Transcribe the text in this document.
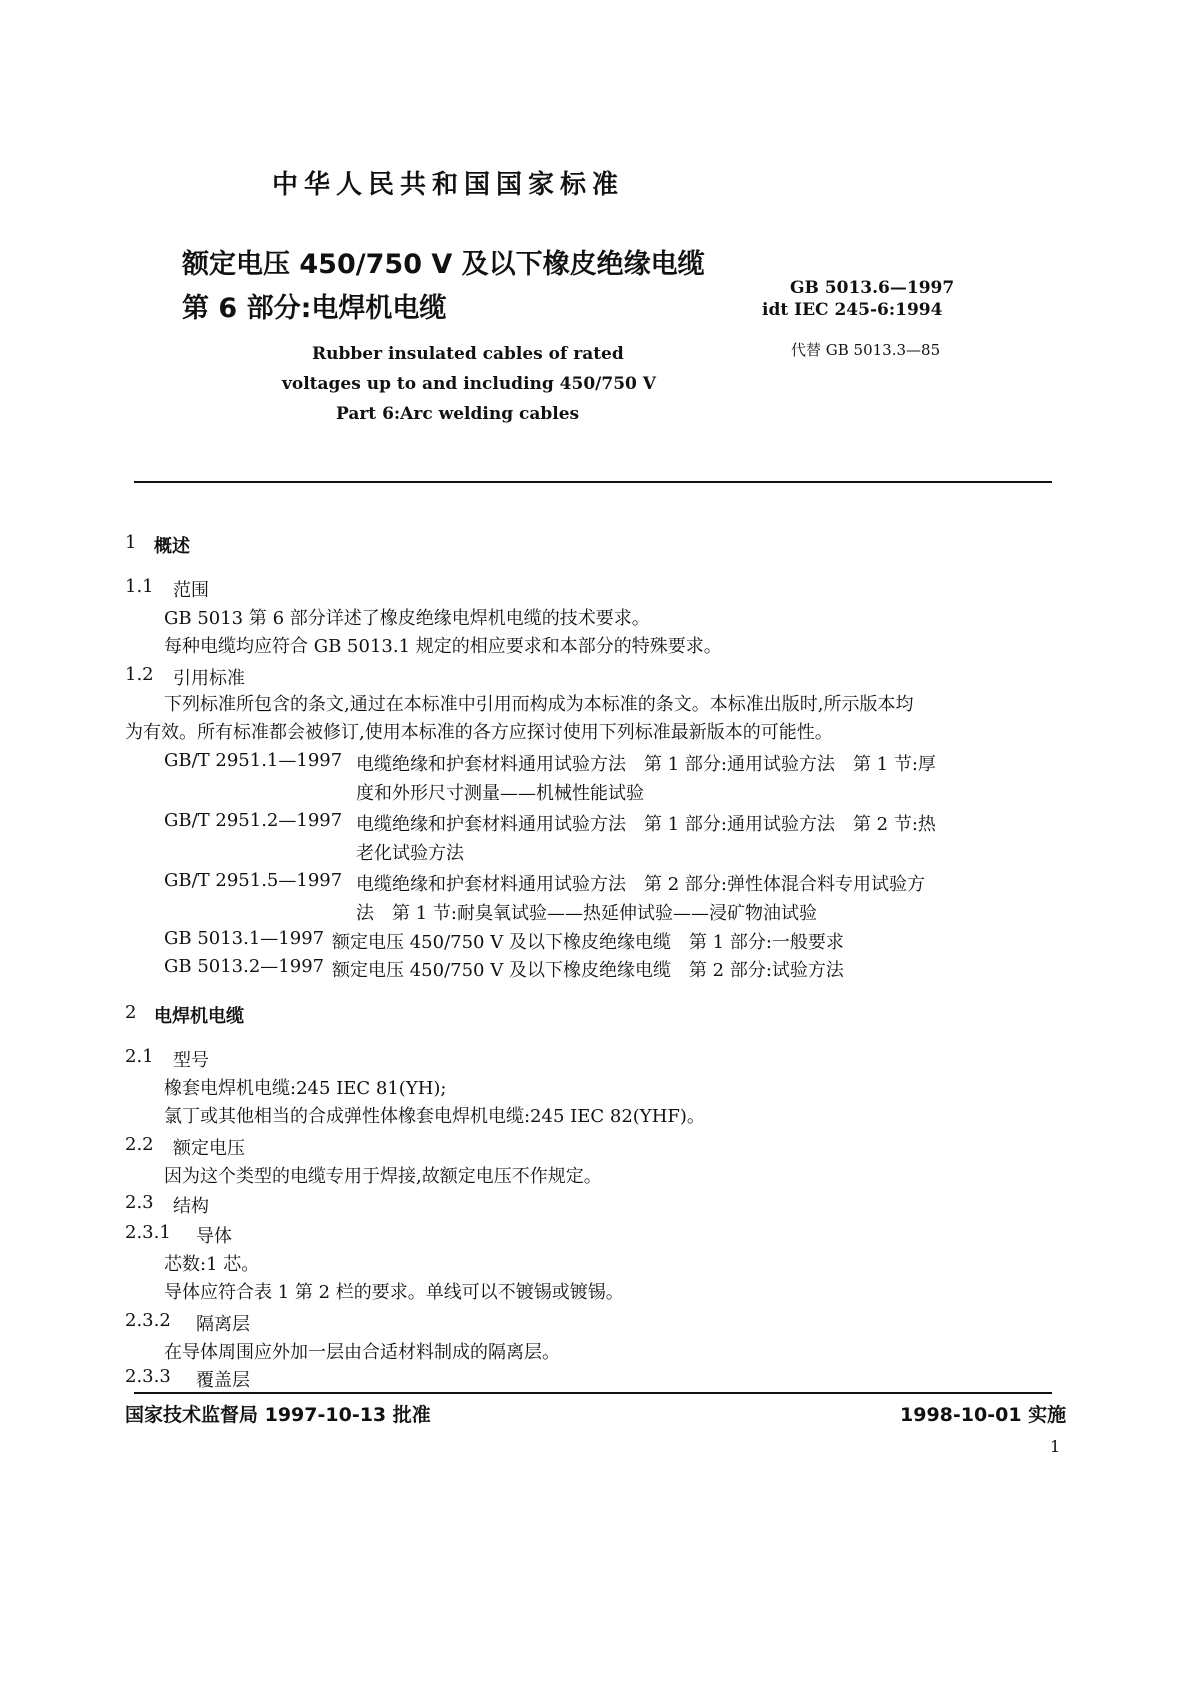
中华人民共和国国家标准
额定电压 450/750 V 及以下橡皮绝缘电缆
第 6 部分:电焊机电缆
GB 5013.6—1997
idt IEC 245-6:1994
代替 GB 5013.3—85
Rubber insulated cables of rated
voltages up to and including 450/750 V
Part 6:Arc welding cables
1 概述
1.1 范围
GB 5013 第 6 部分详述了橡皮绝缘电焊机电缆的技术要求。
每种电缆均应符合 GB 5013.1 规定的相应要求和本部分的特殊要求。
1.2 引用标准
下列标准所包含的条文,通过在本标准中引用而构成为本标准的条文。本标准出版时,所示版本均
为有效。所有标准都会被修订,使用本标准的各方应探讨使用下列标准最新版本的可能性。
GB/T 2951.1—1997 电缆绝缘和护套材料通用试验方法　第 1 部分:通用试验方法　第 1 节:厚
度和外形尺寸测量——机械性能试验
GB/T 2951.2—1997 电缆绝缘和护套材料通用试验方法　第 1 部分:通用试验方法　第 2 节:热
老化试验方法
GB/T 2951.5—1997 电缆绝缘和护套材料通用试验方法　第 2 部分:弹性体混合料专用试验方
法　第 1 节:耐臭氧试验——热延伸试验——浸矿物油试验
GB 5013.1—1997 额定电压 450/750 V 及以下橡皮绝缘电缆　第 1 部分:一般要求
GB 5013.2—1997 额定电压 450/750 V 及以下橡皮绝缘电缆　第 2 部分:试验方法
2 电焊机电缆
2.1 型号
橡套电焊机电缆:245 IEC 81(YH);
氯丁或其他相当的合成弹性体橡套电焊机电缆:245 IEC 82(YHF)。
2.2 额定电压
因为这个类型的电缆专用于焊接,故额定电压不作规定。
2.3 结构
2.3.1 导体
芯数:1 芯。
导体应符合表 1 第 2 栏的要求。单线可以不镀锡或镀锡。
2.3.2 隔离层
在导体周围应外加一层由合适材料制成的隔离层。
2.3.3 覆盖层
国家技术监督局 1997-10-13 批准	1998-10-01 实施
1
